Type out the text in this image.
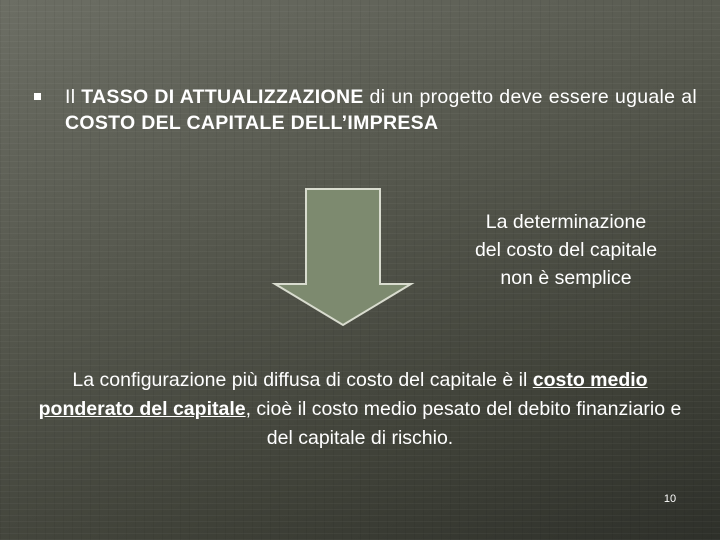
Il TASSO DI ATTUALIZZAZIONE di un progetto deve essere uguale al COSTO DEL CAPITALE DELL’IMPRESA
La determinazione
del costo del capitale
non è semplice
La configurazione più diffusa di costo del capitale è il costo medio ponderato del capitale, cioè il costo medio pesato del debito finanziario e del capitale di rischio.
10
